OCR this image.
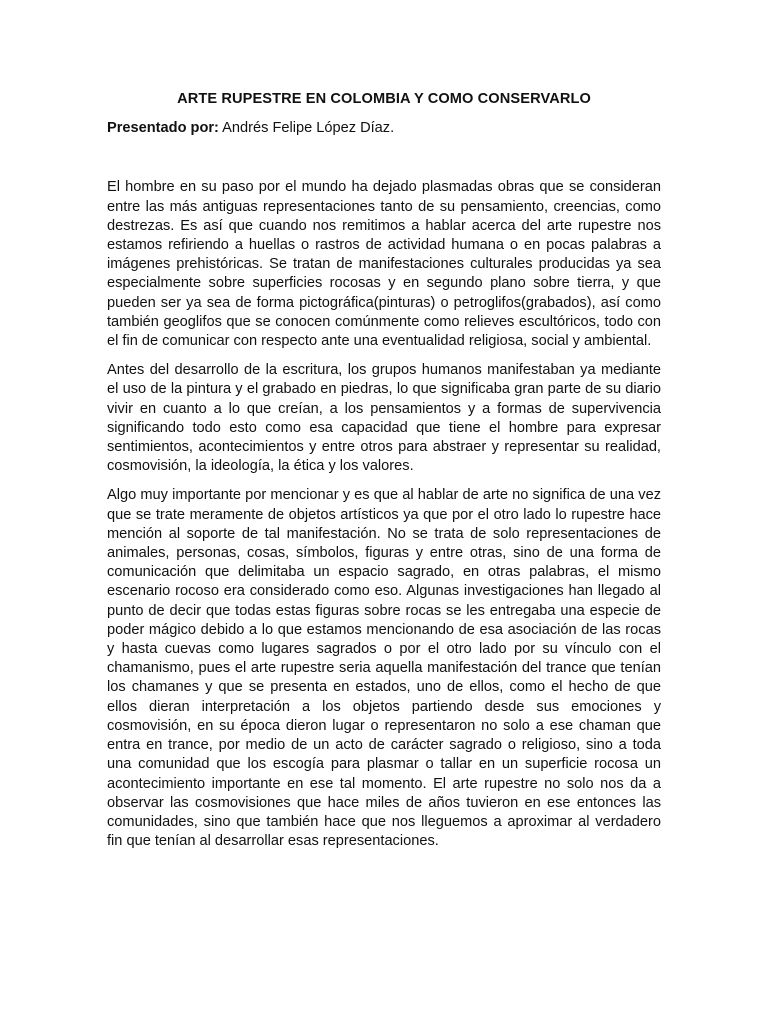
ARTE RUPESTRE EN COLOMBIA Y COMO CONSERVARLO
Presentado por: Andrés Felipe López Díaz.

El hombre en su paso por el mundo ha dejado plasmadas obras que se consideran entre las más antiguas representaciones tanto de su pensamiento, creencias, como destrezas. Es así que cuando nos remitimos a hablar acerca del arte rupestre nos estamos refiriendo a huellas o rastros de actividad humana o en pocas palabras a imágenes prehistóricas. Se tratan de manifestaciones culturales producidas ya sea especialmente sobre superficies rocosas y en segundo plano sobre tierra, y que pueden ser ya sea de forma pictográfica(pinturas) o petroglifos(grabados), así como también geoglifos que se conocen comúnmente como relieves escultóricos, todo con el fin de comunicar con respecto ante una eventualidad religiosa, social y ambiental.

Antes del desarrollo de la escritura, los grupos humanos manifestaban ya mediante el uso de la pintura y el grabado en piedras, lo que significaba gran parte de su diario vivir en cuanto a lo que creían, a los pensamientos y a formas de supervivencia significando todo esto como esa capacidad que tiene el hombre para expresar sentimientos, acontecimientos y entre otros para abstraer y representar su realidad, cosmovisión, la ideología, la ética y los valores.

Algo muy importante por mencionar y es que al hablar de arte no significa de una vez que se trate meramente de objetos artísticos ya que por el otro lado lo rupestre hace mención al soporte de tal manifestación. No se trata de solo representaciones de animales, personas, cosas, símbolos, figuras y entre otras, sino de una forma de comunicación que delimitaba un espacio sagrado, en otras palabras, el mismo escenario rocoso era considerado como eso. Algunas investigaciones han llegado al punto de decir que todas estas figuras sobre rocas se les entregaba una especie de poder mágico debido a lo que estamos mencionando de esa asociación de las rocas y hasta cuevas como lugares sagrados o por el otro lado por su vínculo con el chamanismo, pues el arte rupestre seria aquella manifestación del trance que tenían los chamanes y que se presenta en estados, uno de ellos, como el hecho de que ellos dieran interpretación a los objetos partiendo desde sus emociones y cosmovisión, en su época dieron lugar o representaron no solo a ese chaman que entra en trance, por medio de un acto de carácter sagrado o religioso, sino a toda una comunidad que los escogía para plasmar o tallar en un superficie rocosa un acontecimiento importante en ese tal momento. El arte rupestre no solo nos da a observar las cosmovisiones que hace miles de años tuvieron en ese entonces las comunidades, sino que también hace que nos lleguemos a aproximar al verdadero fin que tenían al desarrollar esas representaciones.
